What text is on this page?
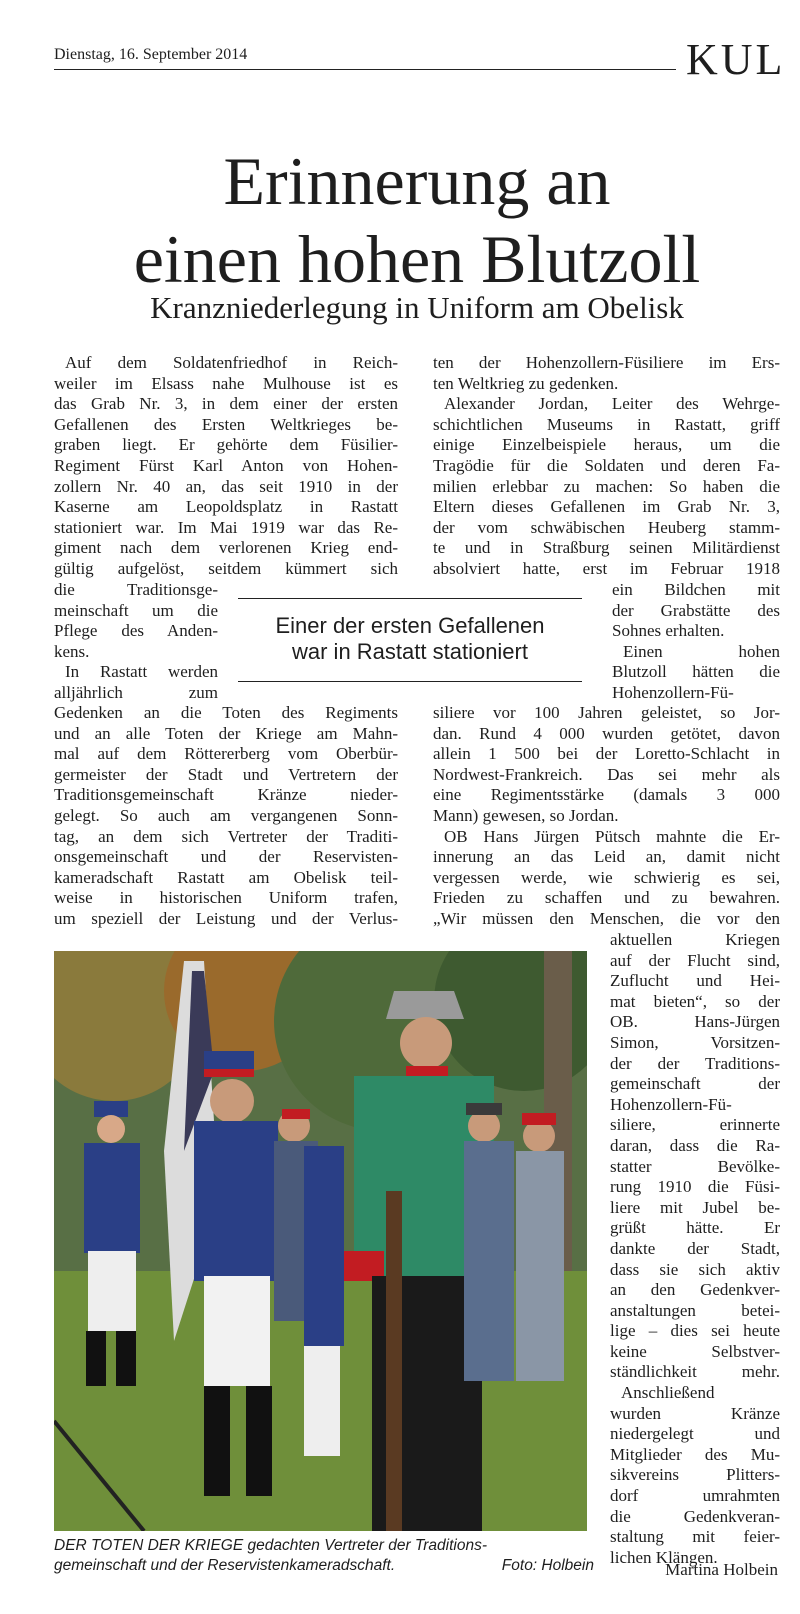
Dienstag, 16. September 2014	KUL
Erinnerung an
einen hohen Blutzoll
Kranzniederlegung in Uniform am Obelisk
Auf dem Soldatenfriedhof in Reich-
weiler im Elsass nahe Mulhouse ist es
das Grab Nr. 3, in dem einer der ersten
Gefallenen des Ersten Weltkrieges be-
graben liegt. Er gehörte dem Füsilier-
Regiment Fürst Karl Anton von Hohen-
zollern Nr. 40 an, das seit 1910 in der
Kaserne am Leopoldsplatz in Rastatt
stationiert war. Im Mai 1919 war das Re-
giment nach dem verlorenen Krieg end-
gültig aufgelöst, seitdem kümmert sich
die Traditionsge-
meinschaft um die
Pflege des Anden-
kens.
In Rastatt werden
alljährlich zum
Gedenken an die Toten des Regiments
und an alle Toten der Kriege am Mahn-
mal auf dem Röttererberg vom Oberbür-
germeister der Stadt und Vertretern der
Traditionsgemeinschaft Kränze nieder-
gelegt. So auch am vergangenen Sonn-
tag, an dem sich Vertreter der Traditi-
onsgemeinschaft und der Reservisten-
kameradschaft Rastatt am Obelisk teil-
weise in historischen Uniform trafen,
um speziell der Leistung und der Verlus-
ten der Hohenzollern-Füsiliere im Ers-
ten Weltkrieg zu gedenken.
Alexander Jordan, Leiter des Wehrge-
schichtlichen Museums in Rastatt, griff
einige Einzelbeispiele heraus, um die
Tragödie für die Soldaten und deren Fa-
milien erlebbar zu machen: So haben die
Eltern dieses Gefallenen im Grab Nr. 3,
der vom schwäbischen Heuberg stamm-
te und in Straßburg seinen Militärdienst
absolviert hatte, erst im Februar 1918
ein Bildchen mit
der Grabstätte des
Sohnes erhalten.
Einen hohen
Blutzoll hätten die
Hohenzollern-Fü-
siliere vor 100 Jahren geleistet, so Jor-
dan. Rund 4 000 wurden getötet, davon
allein 1 500 bei der Loretto-Schlacht in
Nordwest-Frankreich. Das sei mehr als
eine Regimentsstärke (damals 3 000
Mann) gewesen, so Jordan.
OB Hans Jürgen Pütsch mahnte die Er-
innerung an das Leid an, damit nicht
vergessen werde, wie schwierig es sei,
Frieden zu schaffen und zu bewahren.
„Wir müssen den Menschen, die vor den
aktuellen Kriegen
auf der Flucht sind,
Zuflucht und Hei-
mat bieten“, so der
OB. Hans-Jürgen
Simon, Vorsitzen-
der der Traditions-
gemeinschaft der
Hohenzollern-Fü-
siliere, erinnerte
daran, dass die Ra-
statter Bevölke-
rung 1910 die Füsi-
liere mit Jubel be-
grüßt hätte. Er
dankte der Stadt,
dass sie sich aktiv
an den Gedenkver-
anstaltungen betei-
lige – dies sei heute
keine Selbstver-
ständlichkeit mehr.
Anschließend
wurden Kränze
niedergelegt und
Mitglieder des Mu-
sikvereins Plitters-
dorf umrahmten
die Gedenkveran-
staltung mit feier-
lichen Klängen.
Einer der ersten Gefallenen
war in Rastatt stationiert
DER TOTEN DER KRIEGE gedachten Vertreter der Traditions-
gemeinschaft und der Reservistenkameradschaft.	Foto: Holbein	Martina Holbein
